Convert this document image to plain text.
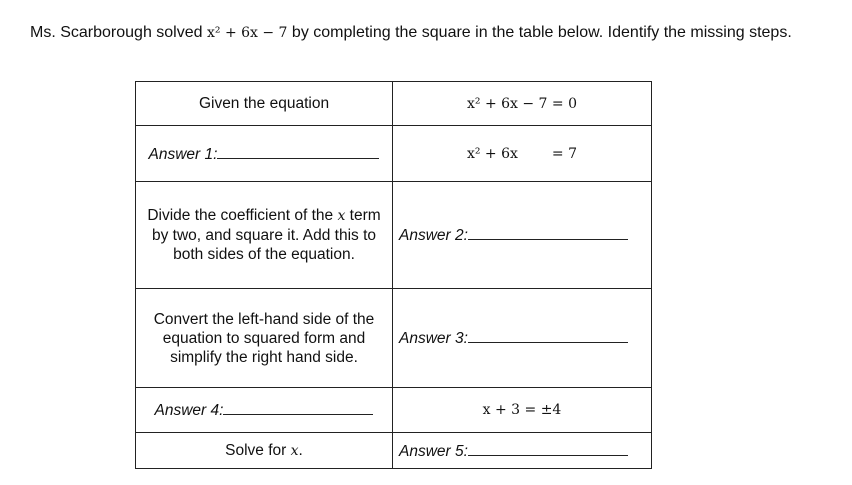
Ms. Scarborough solved x² + 6x − 7 by completing the square in the table below. Identify the missing steps.
Given the equation	x² + 6x − 7 = 0
Answer 1:	x² + 6x = 7
Divide the coefficient of the x term by two, and square it. Add this to both sides of the equation.	Answer 2:
Convert the left-hand side of the equation to squared form and simplify the right hand side.	Answer 3:
Answer 4:	x + 3 = ±4
Solve for x.	Answer 5:
